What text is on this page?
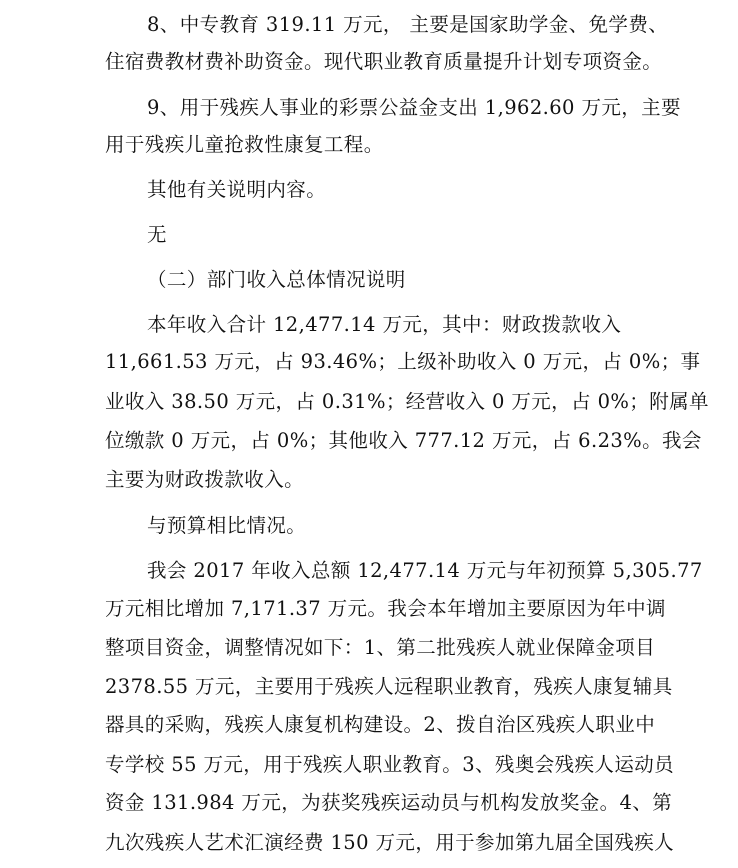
8、中专教育 319.11 万元， 主要是国家助学金、免学费、
住宿费教材费补助资金。现代职业教育质量提升计划专项资金。
9、用于残疾人事业的彩票公益金支出 1,962.60 万元，主要
用于残疾儿童抢救性康复工程。
其他有关说明内容。
无
（二）部门收入总体情况说明
本年收入合计 12,477.14 万元，其中：财政拨款收入
11,661.53 万元，占 93.46%；上级补助收入 0 万元，占 0%；事
业收入 38.50 万元，占 0.31%；经营收入 0 万元，占 0%；附属单
位缴款 0 万元，占 0%；其他收入 777.12 万元，占 6.23%。我会
主要为财政拨款收入。
与预算相比情况。
我会 2017 年收入总额 12,477.14 万元与年初预算 5,305.77
万元相比增加 7,171.37 万元。我会本年增加主要原因为年中调
整项目资金，调整情况如下：1、第二批残疾人就业保障金项目
2378.55 万元，主要用于残疾人远程职业教育，残疾人康复辅具
器具的采购，残疾人康复机构建设。2、拨自治区残疾人职业中
专学校 55 万元，用于残疾人职业教育。3、残奥会残疾人运动员
资金 131.984 万元，为获奖残疾运动员与机构发放奖金。4、第
九次残疾人艺术汇演经费 150 万元，用于参加第九届全国残疾人
